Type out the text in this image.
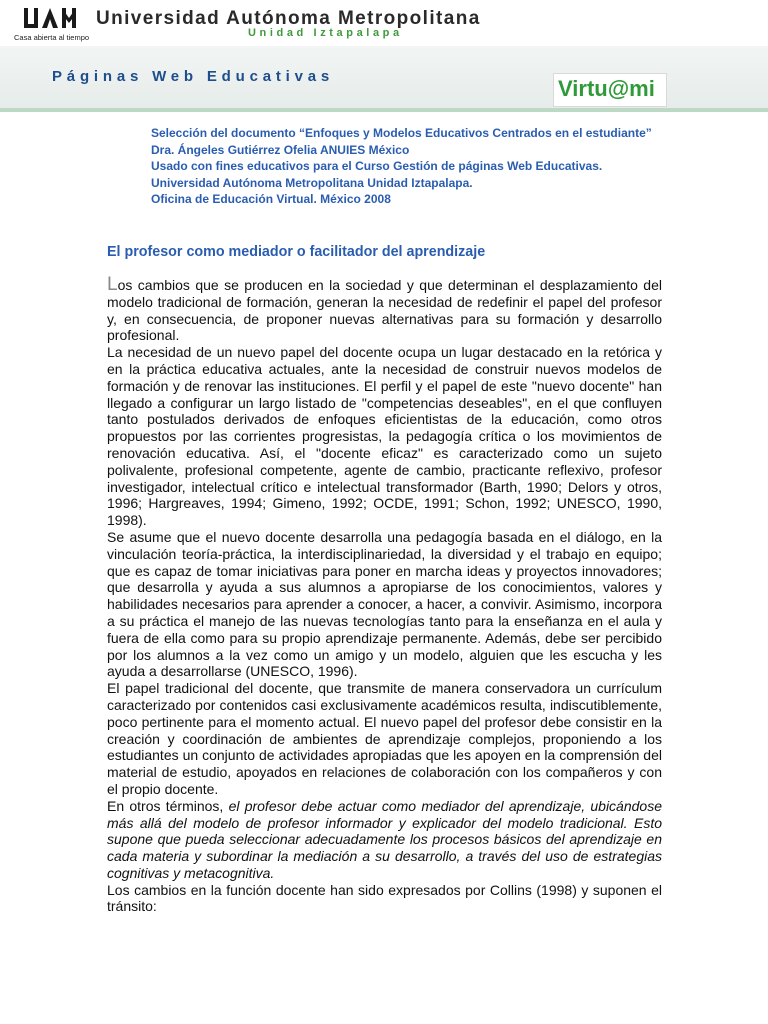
Casa abierta al tiempo
Universidad Autónoma Metropolitana
Unidad Iztapalapa
Páginas Web Educativas	Virtu@mi
Selección del documento “Enfoques y Modelos Educativos Centrados en el estudiante”
Dra. Ángeles Gutiérrez Ofelia ANUIES México
Usado con fines educativos para el Curso Gestión de páginas Web Educativas.
Universidad Autónoma Metropolitana Unidad Iztapalapa.
Oficina de Educación Virtual. México 2008
El profesor como mediador o facilitador del aprendizaje

Los cambios que se producen en la sociedad y que determinan el desplazamiento del modelo tradicional de formación, generan la necesidad de redefinir el papel del profesor y, en consecuencia, de proponer nuevas alternativas para su formación y desarrollo profesional.

La necesidad de un nuevo papel del docente ocupa un lugar destacado en la retórica y en la práctica educativa actuales, ante la necesidad de construir nuevos modelos de formación y de renovar las instituciones. El perfil y el papel de este "nuevo docente" han llegado a configurar un largo listado de "competencias deseables", en el que confluyen tanto postulados derivados de enfoques eficientistas de la educación, como otros propuestos por las corrientes progresistas, la pedagogía crítica o los movimientos de renovación educativa. Así, el "docente eficaz" es caracterizado como un sujeto polivalente, profesional competente, agente de cambio, practicante reflexivo, profesor investigador, intelectual crítico e intelectual transformador (Barth, 1990; Delors y otros, 1996; Hargreaves, 1994; Gimeno, 1992; OCDE, 1991; Schon, 1992; UNESCO, 1990, 1998).

Se asume que el nuevo docente desarrolla una pedagogía basada en el diálogo, en la vinculación teoría-práctica, la interdisciplinariedad, la diversidad y el trabajo en equipo; que es capaz de tomar iniciativas para poner en marcha ideas y proyectos innovadores; que desarrolla y ayuda a sus alumnos a apropiarse de los conocimientos, valores y habilidades necesarios para aprender a conocer, a hacer, a convivir. Asimismo, incorpora a su práctica el manejo de las nuevas tecnologías tanto para la enseñanza en el aula y fuera de ella como para su propio aprendizaje permanente. Además, debe ser percibido por los alumnos a la vez como un amigo y un modelo, alguien que les escucha y les ayuda a desarrollarse (UNESCO, 1996).

El papel tradicional del docente, que transmite de manera conservadora un currículum caracterizado por contenidos casi exclusivamente académicos resulta, indiscutiblemente, poco pertinente para el momento actual. El nuevo papel del profesor debe consistir en la creación y coordinación de ambientes de aprendizaje complejos, proponiendo a los estudiantes un conjunto de actividades apropiadas que les apoyen en la comprensión del material de estudio, apoyados en relaciones de colaboración con los compañeros y con el propio docente.

En otros términos, el profesor debe actuar como mediador del aprendizaje, ubicándose más allá del modelo de profesor informador y explicador del modelo tradicional. Esto supone que pueda seleccionar adecuadamente los procesos básicos del aprendizaje en cada materia y subordinar la mediación a su desarrollo, a través del uso de estrategias cognitivas y metacognitiva.

Los cambios en la función docente han sido expresados por Collins (1998) y suponen el tránsito:
